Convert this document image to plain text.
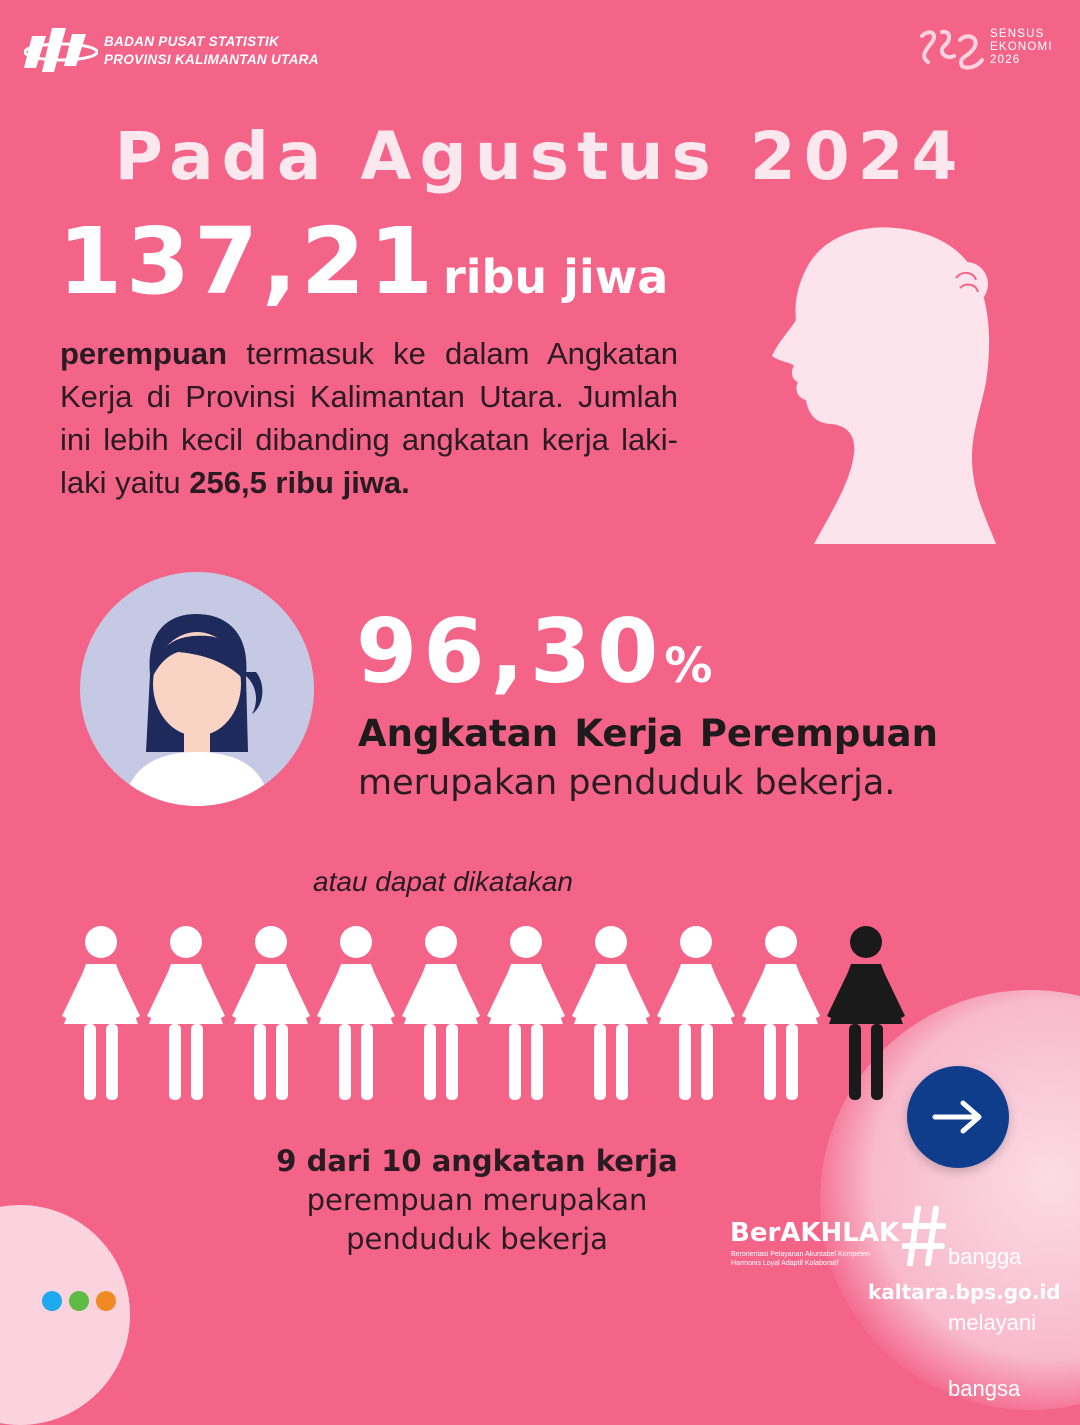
BADAN PUSAT STATISTIK
PROVINSI KALIMANTAN UTARA
SENSUS
EKONOMI
2026
Pada Agustus 2024
137,21 ribu jiwa
perempuan termasuk ke dalam Angkatan Kerja di Provinsi Kalimantan Utara. Jumlah ini lebih kecil dibanding angkatan kerja laki-laki yaitu 256,5 ribu jiwa.
96,30%
Angkatan Kerja Perempuan
merupakan penduduk bekerja.
atau dapat dikatakan
9 dari 10 angkatan kerja
perempuan merupakan
penduduk bekerja	BerAKHLAK
Berorientasi Pelayanan Akuntabel Kompeten
Harmonis Loyal Adaptif Kolaboratif

	bangga

melayani

bangsa

kaltara.bps.go.id
